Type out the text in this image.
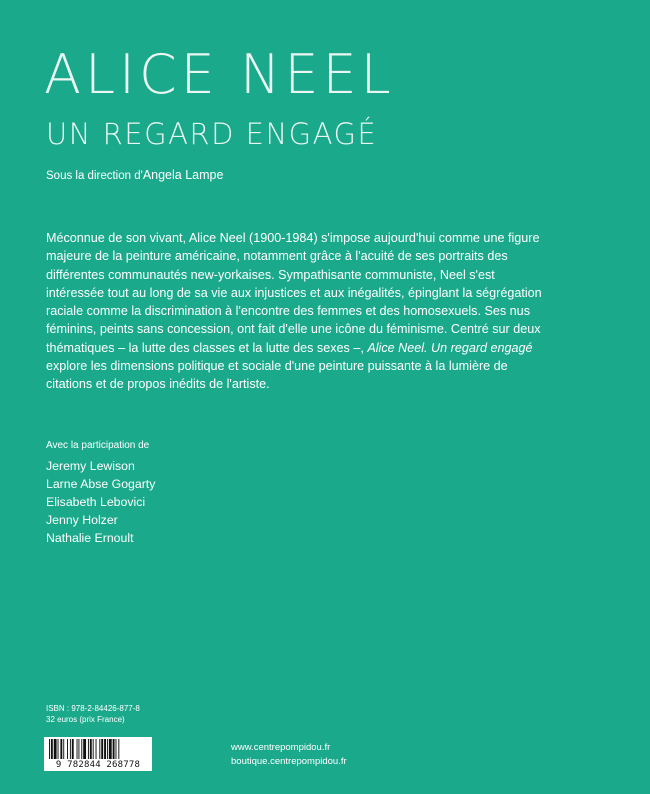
ALICE NEEL
UN REGARD ENGAGÉ
Sous la direction d'Angela Lampe

Méconnue de son vivant, Alice Neel (1900-1984) s'impose aujourd'hui comme une figure majeure de la peinture américaine, notamment grâce à l'acuité de ses portraits des différentes communautés new-yorkaises. Sympathisante communiste, Neel s'est intéressée tout au long de sa vie aux injustices et aux inégalités, épinglant la ségrégation raciale comme la discrimination à l'encontre des femmes et des homosexuels. Ses nus féminins, peints sans concession, ont fait d'elle une icône du féminisme. Centré sur deux thématiques – la lutte des classes et la lutte des sexes –, Alice Neel. Un regard engagé explore les dimensions politique et sociale d'une peinture puissante à la lumière de citations et de propos inédits de l'artiste.

Avec la participation de
Jeremy Lewison
Larne Abse Gogarty
Elisabeth Lebovici
Jenny Holzer
Nathalie Ernoult
ISBN : 978-2-84426-877-8
32 euros (prix France)
9 782844 268778
www.centrepompidou.fr
boutique.centrepompidou.fr
